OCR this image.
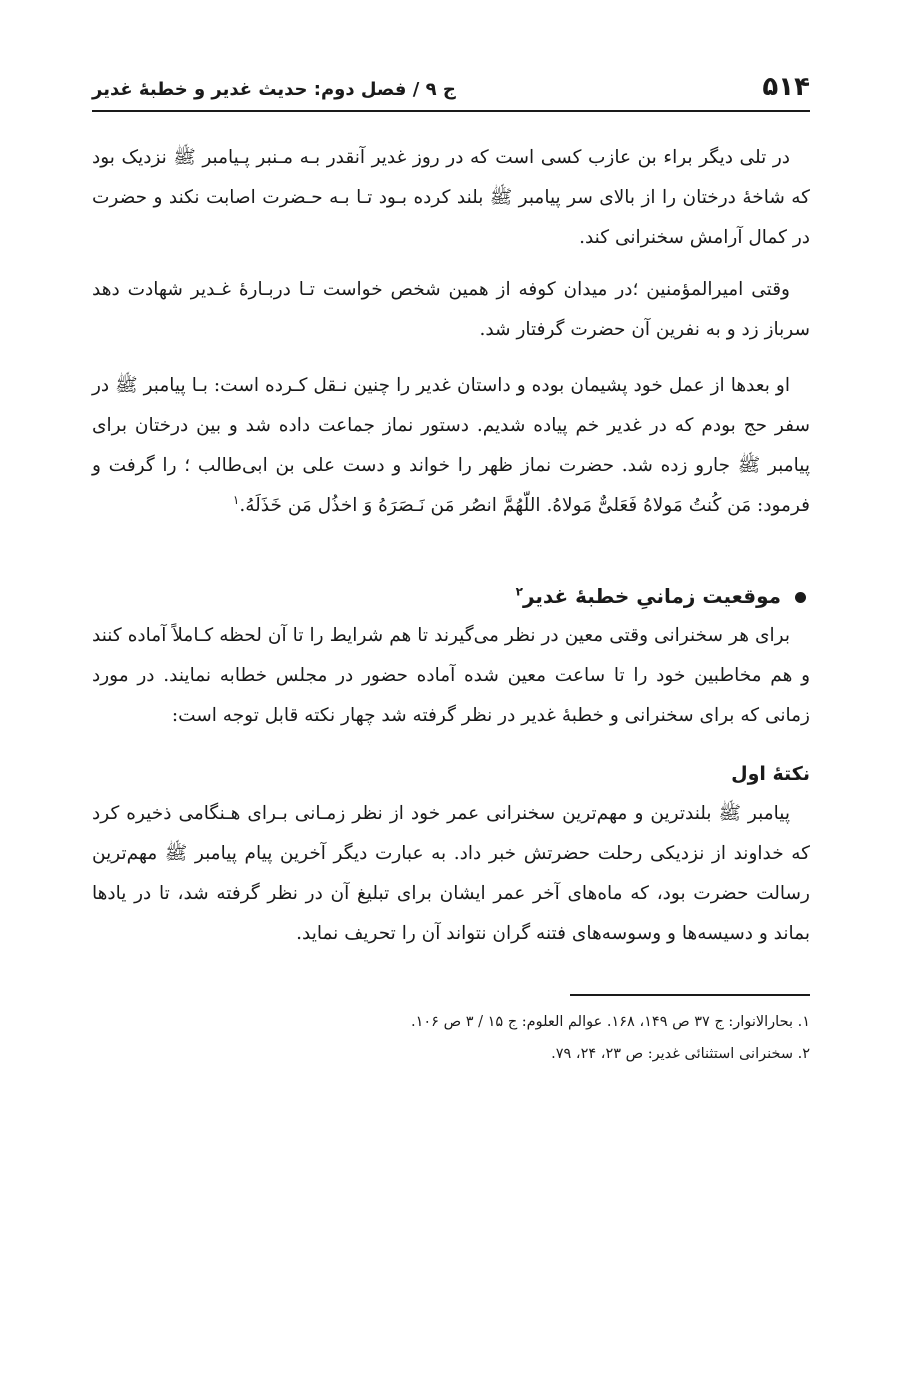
۵۱۴
ج ۹ / فصل دوم: حدیث غدیر و خطبهٔ غدیر

در تلی دیگر براء بن عازب کسی است که در روز غدیر آنقدر بـه مـنبر پـیامبر ﷺ نزدیک بود که شاخهٔ درختان را از بالای سر پیامبر ﷺ بلند کرده بـود تـا بـه حـضرت اصابت نکند و حضرت در کمال آرامش سخنرانی کند.

وقتی امیرالمؤمنین ؛در میدان کوفه از همین شخص خواست تـا دربـارهٔ غـدیر شهادت دهد سرباز زد و به نفرین آن حضرت گرفتار شد.

او بعدها از عمل خود پشیمان بوده و داستان غدیر را چنین نـقل کـرده است: بـا پیامبر ﷺ در سفر حج بودم که در غدیر خم پیاده شدیم. دستور نماز جماعت داده شد و بین درختان برای پیامبر ﷺ جارو زده شد. حضرت نماز ظهر را خواند و دست علی بن ابی‌طالب ؛ را گرفت و فرمود: مَن کُنتُ مَولاهُ فَعَلیٌّ مَولاهُ. اللّهُمَّ انصُر مَن نَـصَرَهُ وَ اخذُل مَن خَذَلَهُ.$^۱$

موقعیت زمانیِ خطبهٔ غدیر$^۲$

برای هر سخنرانی وقتی معین در نظر می‌گیرند تا هم شرایط را تا آن لحظه کـاملاً آماده کنند و هم مخاطبین خود را تا ساعت معین شده آماده حضور در مجلس خطابه نمایند. در مورد زمانی که برای سخنرانی و خطبهٔ غدیر در نظر گرفته شد چهار نکته قابل توجه است:

نکتهٔ اول

پیامبر ﷺ بلندترین و مهم‌ترین سخنرانی عمر خود از نظر زمـانی بـرای هـنگامی ذخیره کرد که خداوند از نزدیکی رحلت حضرتش خبر داد. به عبارت دیگر آخرین پیام پیامبر ﷺ مهم‌ترین رسالت حضرت بود، که ماه‌های آخر عمر ایشان برای تبلیغ آن در نظر گرفته شد، تا در یادها بماند و دسیسه‌ها و وسوسه‌های فتنه گران نتواند آن را تحریف نماید.

۱. بحارالانوار: ج ۳۷ ص ۱۴۹، ۱۶۸. عوالم العلوم: ج ۱۵ / ۳ ص ۱۰۶.
۲. سخنرانی استثنائی غدیر: ص ۲۳، ۲۴، ۷۹.
